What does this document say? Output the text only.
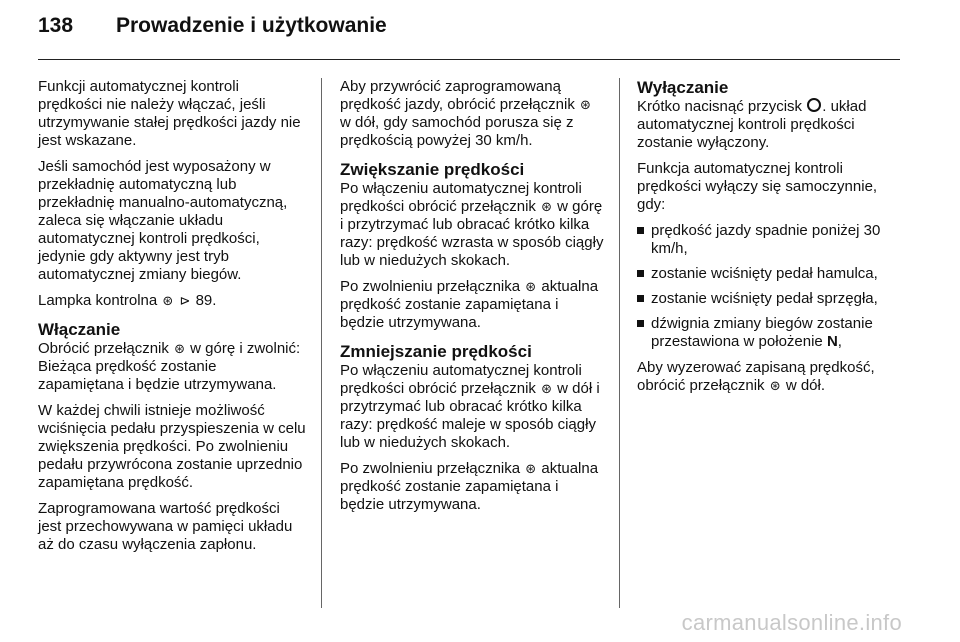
138	Prowadzenie i użytkowanie

Funkcji automatycznej kontroli prędkości nie należy włączać, jeśli utrzymywanie stałej prędkości jazdy nie jest wskazane.

Jeśli samochód jest wyposażony w przekładnię automatyczną lub przekładnię manualno-automatyczną, zaleca się włączanie układu automatycznej kontroli prędkości, jedynie gdy aktywny jest tryb automatycznej zmiany biegów.

Lampka kontrolna ⊛ ⊳ 89.

Włączanie

Obrócić przełącznik ⊛ w górę i zwolnić: Bieżąca prędkość zostanie zapamiętana i będzie utrzymywana.

W każdej chwili istnieje możliwość wciśnięcia pedału przyspieszenia w celu zwiększenia prędkości. Po zwolnieniu pedału przywrócona zostanie uprzednio zapamiętana prędkość.

Zaprogramowana wartość prędkości jest przechowywana w pamięci układu aż do czasu wyłączenia zapłonu.

Aby przywrócić zaprogramowaną prędkość jazdy, obrócić przełącznik ⊛ w dół, gdy samochód porusza się z prędkością powyżej 30 km/h.

Zwiększanie prędkości

Po włączeniu automatycznej kontroli prędkości obrócić przełącznik ⊛ w górę i przytrzymać lub obracać krótko kilka razy: prędkość wzrasta w sposób ciągły lub w niedużych skokach.

Po zwolnieniu przełącznika ⊛ aktualna prędkość zostanie zapamiętana i będzie utrzymywana.

Zmniejszanie prędkości

Po włączeniu automatycznej kontroli prędkości obrócić przełącznik ⊛ w dół i przytrzymać lub obracać krótko kilka razy: prędkość maleje w sposób ciągły lub w niedużych skokach.

Po zwolnieniu przełącznika ⊛ aktualna prędkość zostanie zapamiętana i będzie utrzymywana.

Wyłączanie

Krótko nacisnąć przycisk . układ automatycznej kontroli prędkości zostanie wyłączony.

Funkcja automatycznej kontroli prędkości wyłączy się samoczynnie, gdy:

prędkość jazdy spadnie poniżej 30 km/h,
zostanie wciśnięty pedał hamulca,
zostanie wciśnięty pedał sprzęgła,
dźwignia zmiany biegów zostanie przestawiona w położenie N,

Aby wyzerować zapisaną prędkość, obrócić przełącznik ⊛ w dół.

carmanualsonline.info
